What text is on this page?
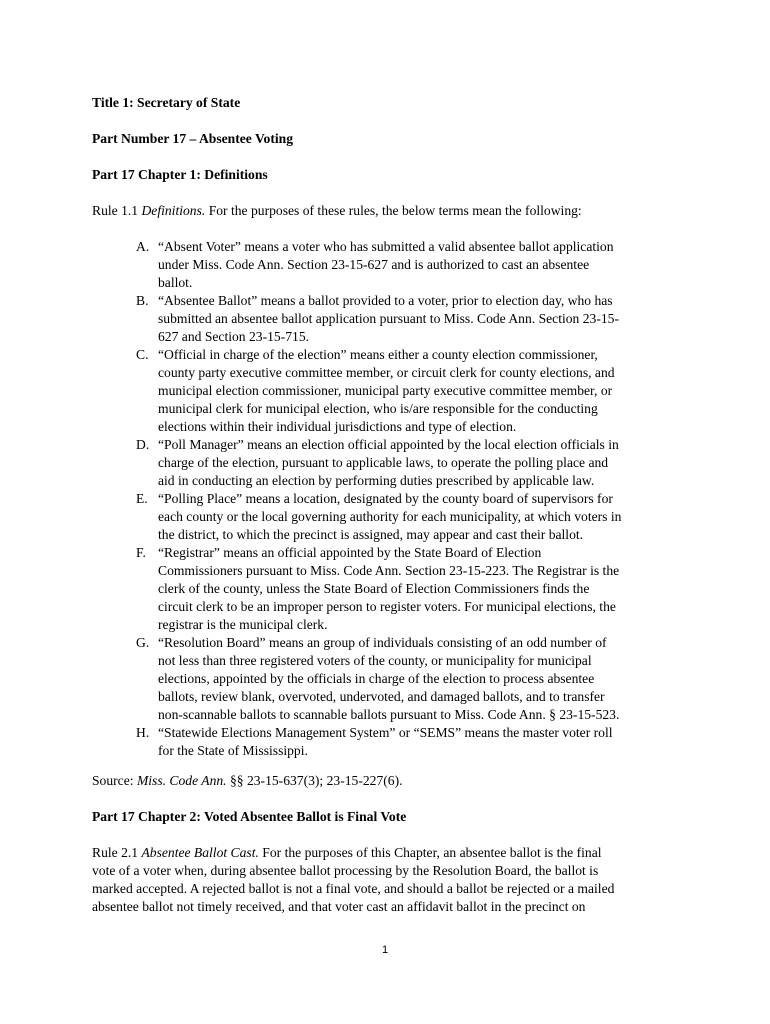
Title 1: Secretary of State
Part Number 17 – Absentee Voting
Part 17 Chapter 1: Definitions
Rule 1.1 Definitions. For the purposes of these rules, the below terms mean the following:
A. “Absent Voter” means a voter who has submitted a valid absentee ballot application
under Miss. Code Ann. Section 23-15-627 and is authorized to cast an absentee
ballot.
B. “Absentee Ballot” means a ballot provided to a voter, prior to election day, who has
submitted an absentee ballot application pursuant to Miss. Code Ann. Section 23-15-
627 and Section 23-15-715.
C. “Official in charge of the election” means either a county election commissioner,
county party executive committee member, or circuit clerk for county elections, and
municipal election commissioner, municipal party executive committee member, or
municipal clerk for municipal election, who is/are responsible for the conducting
elections within their individual jurisdictions and type of election.
D. “Poll Manager” means an election official appointed by the local election officials in
charge of the election, pursuant to applicable laws, to operate the polling place and
aid in conducting an election by performing duties prescribed by applicable law.
E. “Polling Place” means a location, designated by the county board of supervisors for
each county or the local governing authority for each municipality, at which voters in
the district, to which the precinct is assigned, may appear and cast their ballot.
F. “Registrar” means an official appointed by the State Board of Election
Commissioners pursuant to Miss. Code Ann. Section 23-15-223. The Registrar is the
clerk of the county, unless the State Board of Election Commissioners finds the
circuit clerk to be an improper person to register voters. For municipal elections, the
registrar is the municipal clerk.
G. “Resolution Board” means an group of individuals consisting of an odd number of
not less than three registered voters of the county, or municipality for municipal
elections, appointed by the officials in charge of the election to process absentee
ballots, review blank, overvoted, undervoted, and damaged ballots, and to transfer
non-scannable ballots to scannable ballots pursuant to Miss. Code Ann. § 23-15-523.
H. “Statewide Elections Management System” or “SEMS” means the master voter roll
for the State of Mississippi.
Source: Miss. Code Ann. §§ 23-15-637(3); 23-15-227(6).
Part 17 Chapter 2: Voted Absentee Ballot is Final Vote
Rule 2.1 Absentee Ballot Cast. For the purposes of this Chapter, an absentee ballot is the final
vote of a voter when, during absentee ballot processing by the Resolution Board, the ballot is
marked accepted. A rejected ballot is not a final vote, and should a ballot be rejected or a mailed
absentee ballot not timely received, and that voter cast an affidavit ballot in the precinct on
1
